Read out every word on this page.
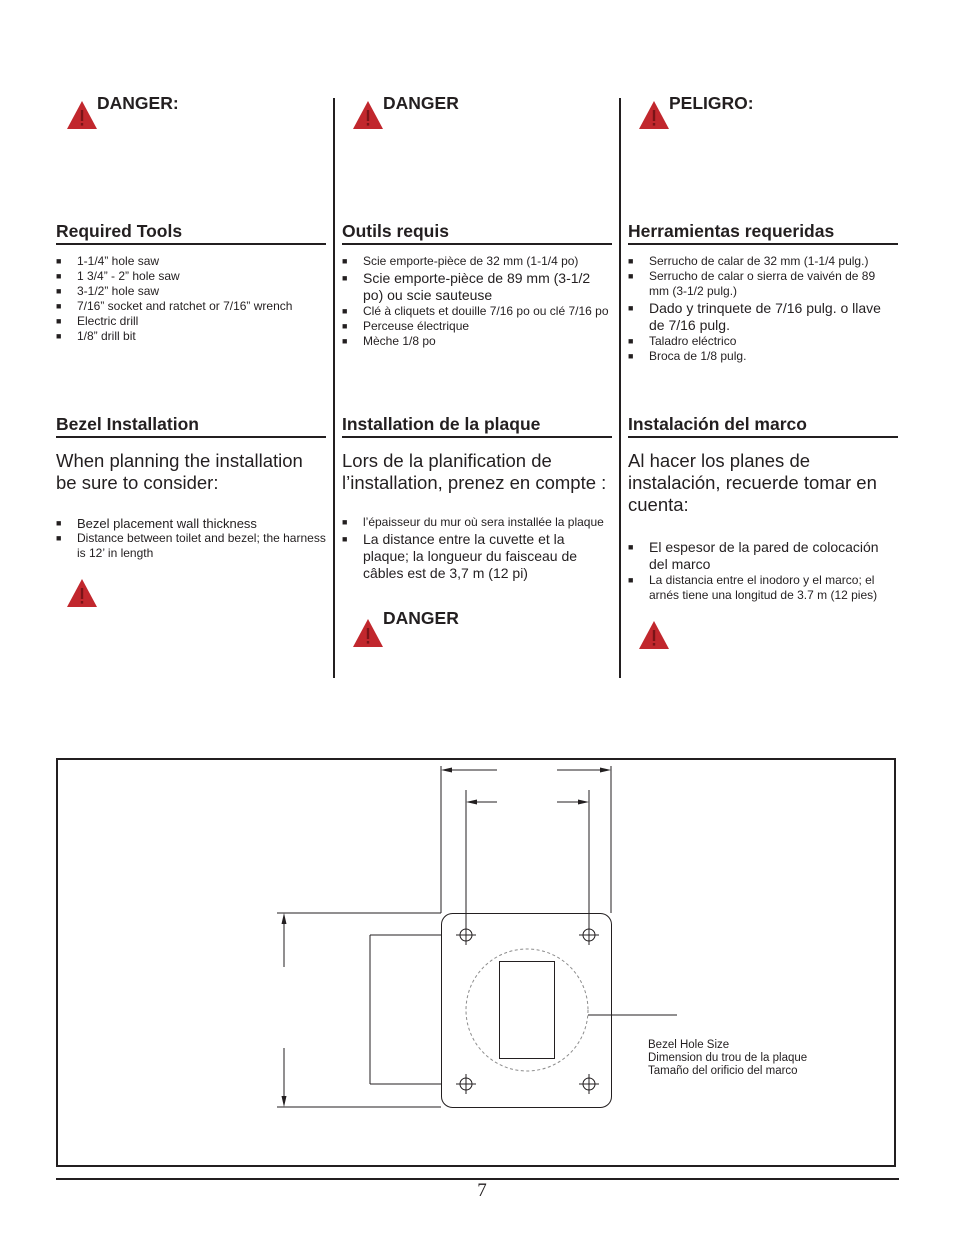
DANGER:
Required Tools
■ 1-1/4” hole saw
■ 1 3/4” - 2” hole saw
■ 3-1/2” hole saw
■ 7/16” socket and ratchet or 7/16” wrench
■ Electric drill
■ 1/8” drill bit
Bezel Installation
When planning the installation be sure to consider:
■ Bezel placement wall thickness
■ Distance between toilet and bezel; the harness is 12’ in length
DANGER
Outils requis
■ Scie emporte-pièce de 32 mm (1-1/4 po)
■ Scie emporte-pièce de 89 mm (3-1/2 po) ou scie sauteuse
■ Clé à cliquets et douille 7/16 po ou clé 7/16 po
■ Perceuse électrique
■ Mèche 1/8 po
Installation de la plaque
Lors de la planification de l’installation, prenez en compte :
■ l’épaisseur du mur où sera installée la plaque
■ La distance entre la cuvette et la plaque; la longueur du faisceau de câbles est de 3,7 m (12 pi)
DANGER
PELIGRO:
Herramientas requeridas
■ Serrucho de calar de 32 mm (1-1/4 pulg.)
■ Serrucho de calar o sierra de vaivén de 89 mm (3-1/2 pulg.)
■ Dado y trinquete de 7/16 pulg. o llave de 7/16 pulg.
■ Taladro eléctrico
■ Broca de 1/8 pulg.
Instalación del marco
Al hacer los planes de instalación, recuerde tomar en cuenta:
■ El espesor de la pared de colocación del marco
■ La distancia entre el inodoro y el marco; el arnés tiene una longitud de 3.7 m (12 pies)
Bezel Hole Size
Dimension du trou de la plaque
Tamaño del orificio del marco
7
